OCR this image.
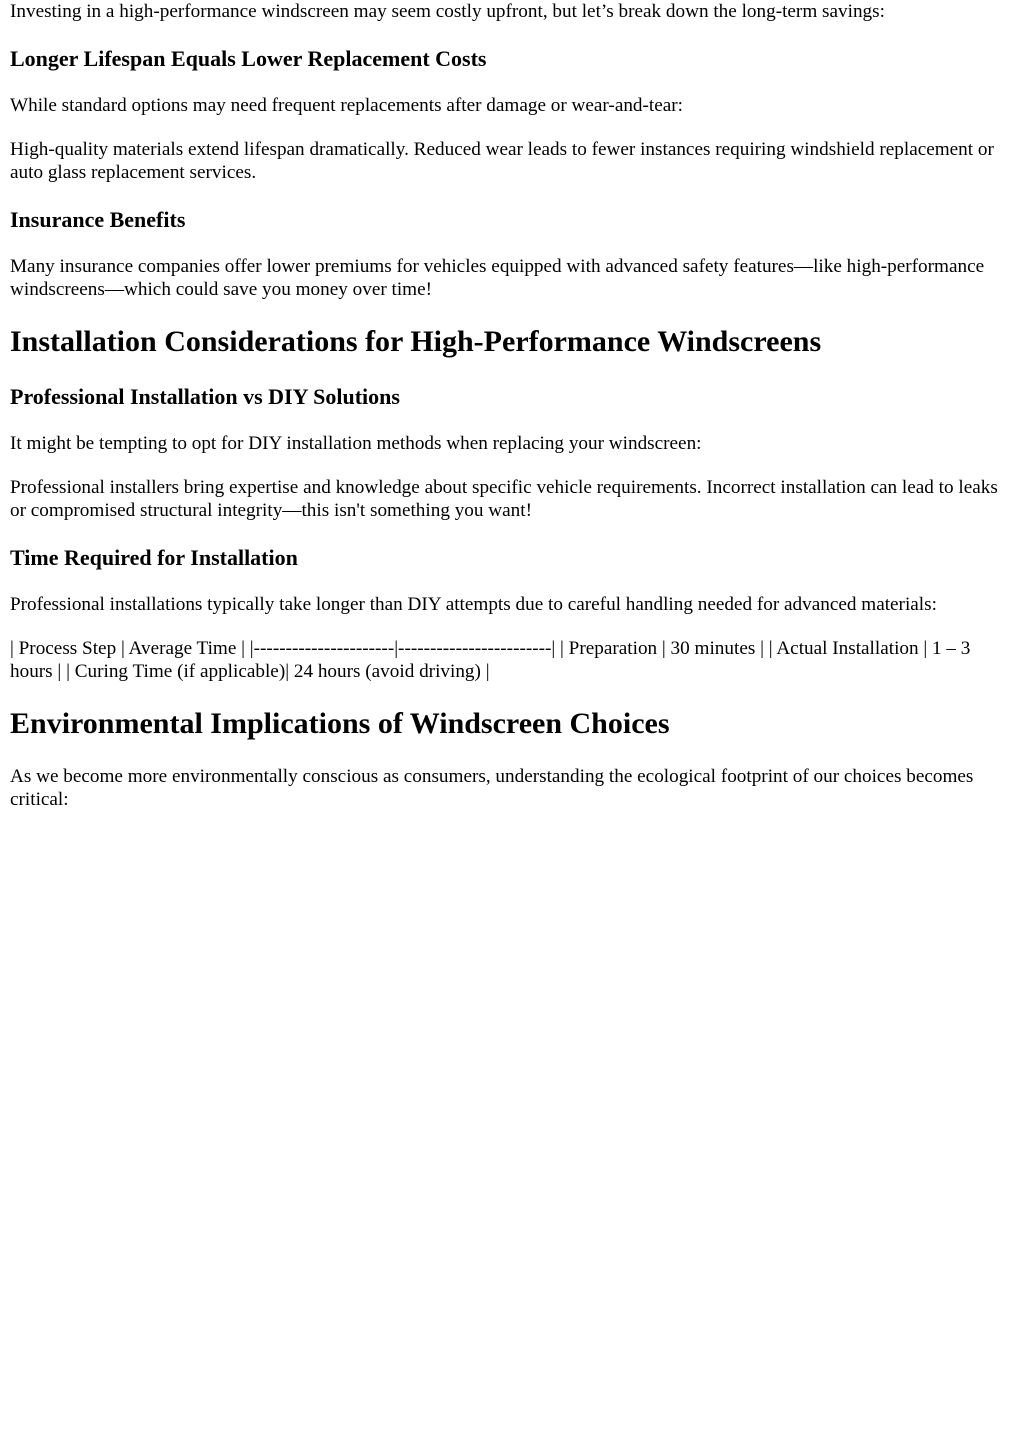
Investing in a high-performance windscreen may seem costly upfront, but let’s break down the long-term savings:

Longer Lifespan Equals Lower Replacement Costs

While standard options may need frequent replacements after damage or wear-and-tear:

High-quality materials extend lifespan dramatically. Reduced wear leads to fewer instances requiring windshield replacement or auto glass replacement services.

Insurance Benefits

Many insurance companies offer lower premiums for vehicles equipped with advanced safety features—like high-performance windscreens—which could save you money over time!

Installation Considerations for High-Performance Windscreens
Professional Installation vs DIY Solutions

It might be tempting to opt for DIY installation methods when replacing your windscreen:

Professional installers bring expertise and knowledge about specific vehicle requirements. Incorrect installation can lead to leaks or compromised structural integrity—this isn't something you want!

Time Required for Installation

Professional installations typically take longer than DIY attempts due to careful handling needed for advanced materials:

| Process Step | Average Time | |----------------------|------------------------| | Preparation | 30 minutes | | Actual Installation | 1 – 3 hours | | Curing Time (if applicable)| 24 hours (avoid driving) |

Environmental Implications of Windscreen Choices

As we become more environmentally conscious as consumers, understanding the ecological footprint of our choices becomes critical:
